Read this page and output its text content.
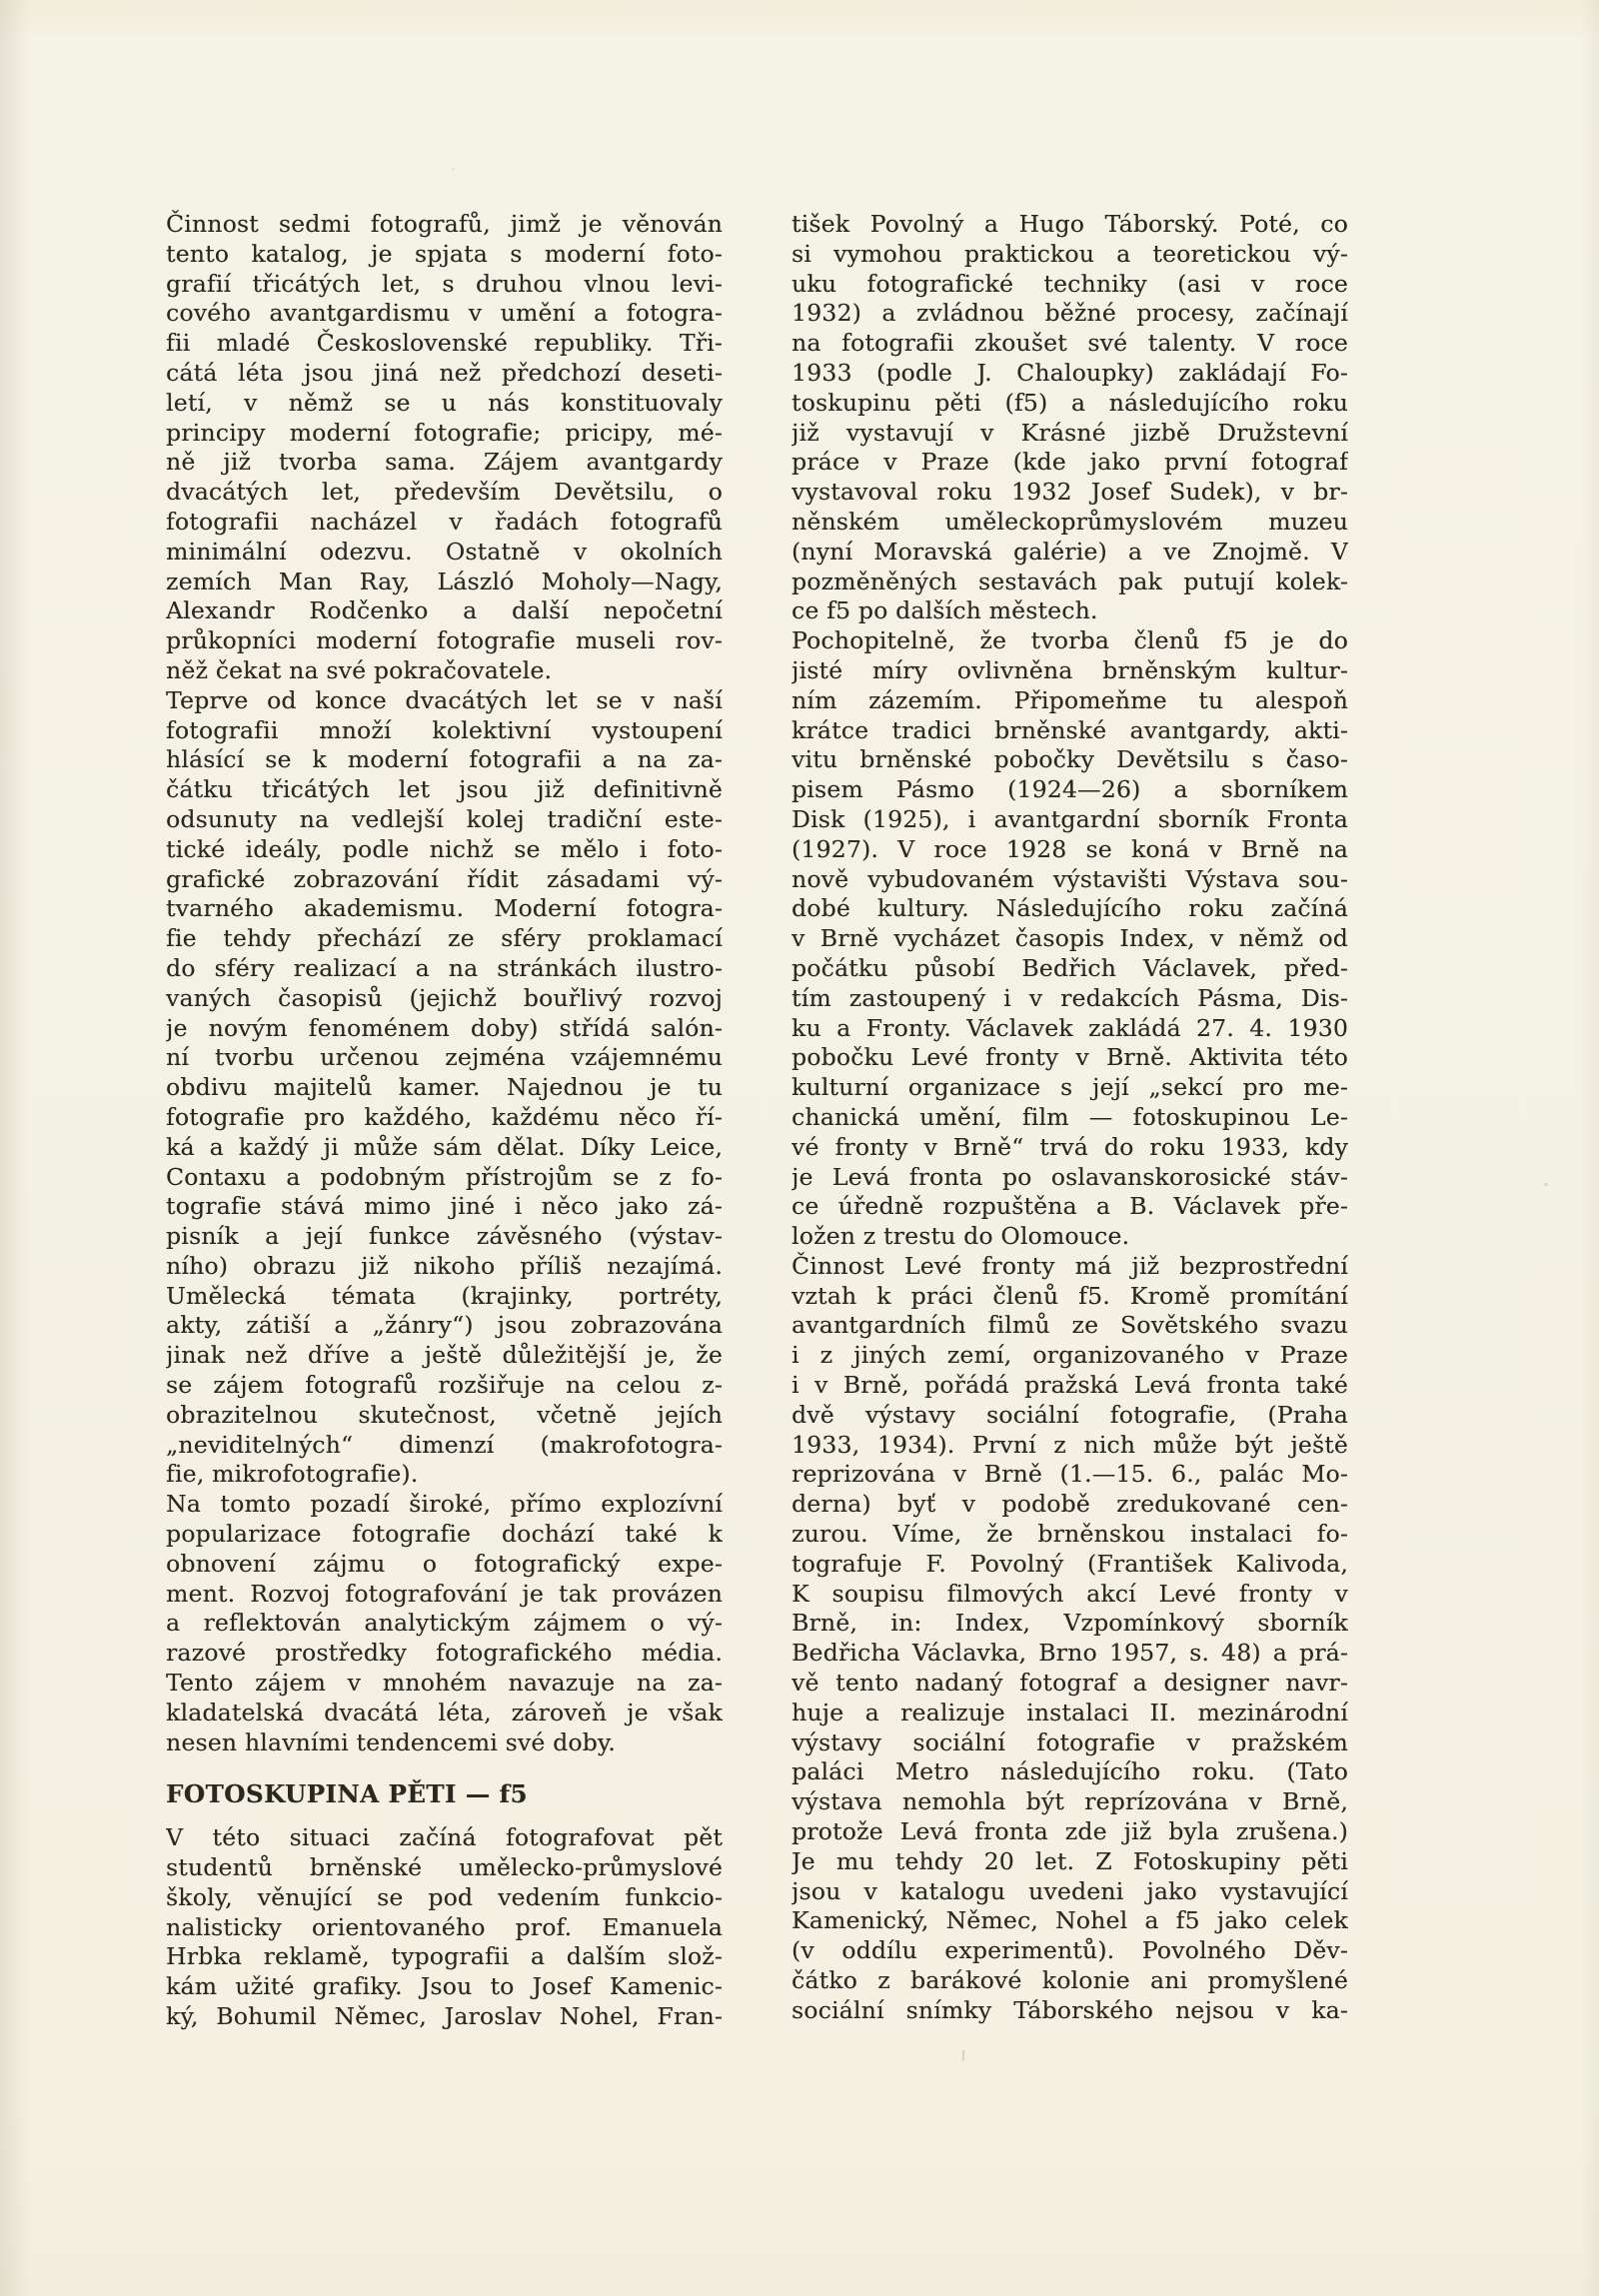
Činnost sedmi fotografů, jimž je věnován
tento katalog, je spjata s moderní foto-
grafií třicátých let, s druhou vlnou levi-
cového avantgardismu v umění a fotogra-
fii mladé Československé republiky. Tři-
cátá léta jsou jiná než předchozí deseti-
letí, v němž se u nás konstituovaly
principy moderní fotografie; pricipy, mé-
ně již tvorba sama. Zájem avantgardy
dvacátých let, především Devětsilu, o
fotografii nacházel v řadách fotografů
minimální odezvu. Ostatně v okolních
zemích Man Ray, László Moholy—Nagy,
Alexandr Rodčenko a další nepočetní
průkopníci moderní fotografie museli rov-
něž čekat na své pokračovatele.
Teprve od konce dvacátých let se v naší
fotografii množí kolektivní vystoupení
hlásící se k moderní fotografii a na za-
čátku třicátých let jsou již definitivně
odsunuty na vedlejší kolej tradiční este-
tické ideály, podle nichž se mělo i foto-
grafické zobrazování řídit zásadami vý-
tvarného akademismu. Moderní fotogra-
fie tehdy přechází ze sféry proklamací
do sféry realizací a na stránkách ilustro-
vaných časopisů (jejichž bouřlivý rozvoj
je novým fenoménem doby) střídá salón-
ní tvorbu určenou zejména vzájemnému
obdivu majitelů kamer. Najednou je tu
fotografie pro každého, každému něco ří-
ká a každý ji může sám dělat. Díky Leice,
Contaxu a podobným přístrojům se z fo-
tografie stává mimo jiné i něco jako zá-
pisník a její funkce závěsného (výstav-
ního) obrazu již nikoho příliš nezajímá.
Umělecká témata (krajinky, portréty,
akty, zátiší a „žánry“) jsou zobrazována
jinak než dříve a ještě důležitější je, že
se zájem fotografů rozšiřuje na celou z-
obrazitelnou skutečnost, včetně jejích
„neviditelných“ dimenzí (makrofotogra-
fie, mikrofotografie).
Na tomto pozadí široké, přímo explozívní
popularizace fotografie dochází také k
obnovení zájmu o fotografický expe-
ment. Rozvoj fotografování je tak provázen
a reflektován analytickým zájmem o vý-
razové prostředky fotografického média.
Tento zájem v mnohém navazuje na za-
kladatelská dvacátá léta, zároveň je však
nesen hlavními tendencemi své doby.
FOTOSKUPINA PĚTI — f5
V této situaci začíná fotografovat pět
studentů brněnské umělecko-průmyslové
školy, věnující se pod vedením funkcio-
nalisticky orientovaného prof. Emanuela
Hrbka reklamě, typografii a dalším slož-
kám užité grafiky. Jsou to Josef Kamenic-
ký, Bohumil Němec, Jaroslav Nohel, Fran-
tišek Povolný a Hugo Táborský. Poté, co
si vymohou praktickou a teoretickou vý-
uku fotografické techniky (asi v roce
1932) a zvládnou běžné procesy, začínají
na fotografii zkoušet své talenty. V roce
1933 (podle J. Chaloupky) zakládají Fo-
toskupinu pěti (f5) a následujícího roku
již vystavují v Krásné jizbě Družstevní
práce v Praze (kde jako první fotograf
vystavoval roku 1932 Josef Sudek), v br-
něnském uměleckoprůmyslovém muzeu
(nyní Moravská galérie) a ve Znojmě. V
pozměněných sestavách pak putují kolek-
ce f5 po dalších městech.
Pochopitelně, že tvorba členů f5 je do
jisté míry ovlivněna brněnským kultur-
ním zázemím. Připomeňme tu alespoň
krátce tradici brněnské avantgardy, akti-
vitu brněnské pobočky Devětsilu s časo-
pisem Pásmo (1924—26) a sborníkem
Disk (1925), i avantgardní sborník Fronta
(1927). V roce 1928 se koná v Brně na
nově vybudovaném výstavišti Výstava sou-
dobé kultury. Následujícího roku začíná
v Brně vycházet časopis Index, v němž od
počátku působí Bedřich Václavek, před-
tím zastoupený i v redakcích Pásma, Dis-
ku a Fronty. Václavek zakládá 27. 4. 1930
pobočku Levé fronty v Brně. Aktivita této
kulturní organizace s její „sekcí pro me-
chanická umění, film — fotoskupinou Le-
vé fronty v Brně“ trvá do roku 1933, kdy
je Levá fronta po oslavanskorosické stáv-
ce úředně rozpuštěna a B. Václavek pře-
ložen z trestu do Olomouce.
Činnost Levé fronty má již bezprostřední
vztah k práci členů f5. Kromě promítání
avantgardních filmů ze Sovětského svazu
i z jiných zemí, organizovaného v Praze
i v Brně, pořádá pražská Levá fronta také
dvě výstavy sociální fotografie, (Praha
1933, 1934). První z nich může být ještě
reprizována v Brně (1.—15. 6., palác Mo-
derna) byť v podobě zredukované cen-
zurou. Víme, že brněnskou instalaci fo-
tografuje F. Povolný (František Kalivoda,
K soupisu filmových akcí Levé fronty v
Brně, in: Index, Vzpomínkový sborník
Bedřicha Václavka, Brno 1957, s. 48) a prá-
vě tento nadaný fotograf a designer navr-
huje a realizuje instalaci II. mezinárodní
výstavy sociální fotografie v pražském
paláci Metro následujícího roku. (Tato
výstava nemohla být reprízována v Brně,
protože Levá fronta zde již byla zrušena.)
Je mu tehdy 20 let. Z Fotoskupiny pěti
jsou v katalogu uvedeni jako vystavující
Kamenický, Němec, Nohel a f5 jako celek
(v oddílu experimentů). Povolného Děv-
čátko z barákové kolonie ani promyšlené
sociální snímky Táborského nejsou v ka-
